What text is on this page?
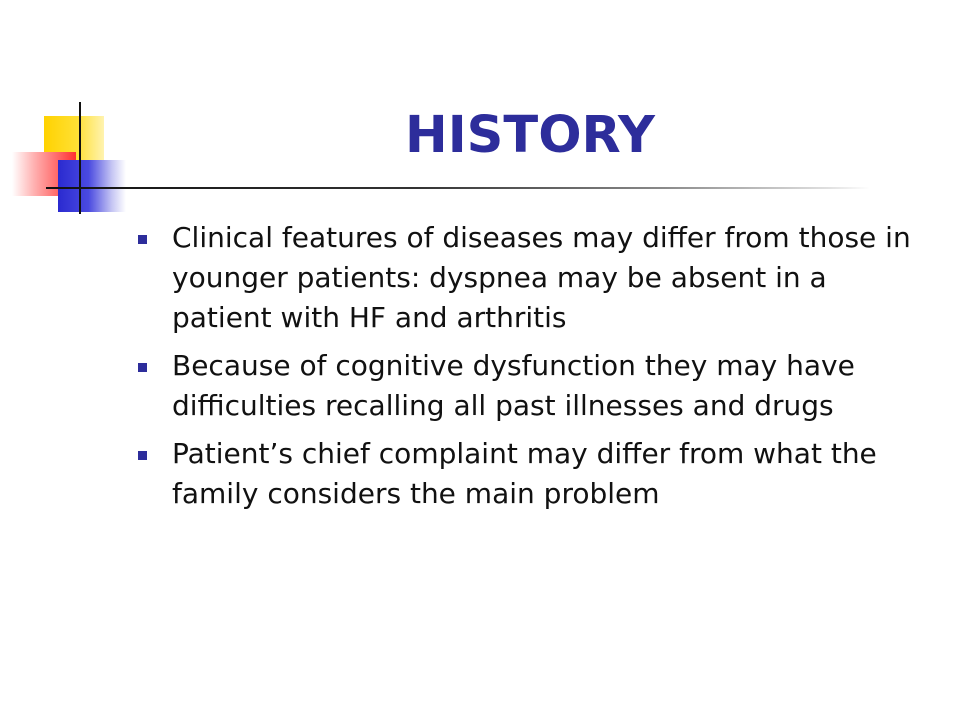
HISTORY
Clinical features of diseases may differ from those in younger patients: dyspnea may be absent in a patient with HF and arthritis
Because of cognitive dysfunction they may have difficulties recalling all past illnesses and drugs
Patient’s chief complaint may differ from what the family considers the main problem
